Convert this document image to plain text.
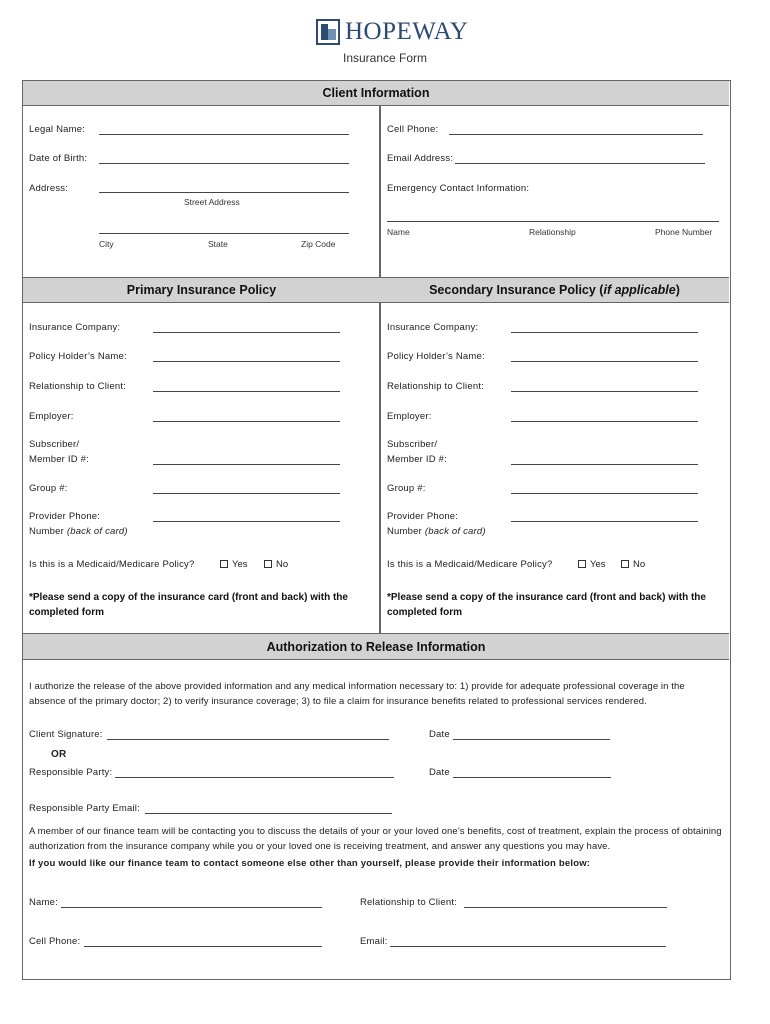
HOPEWAY
Insurance Form
Client Information
Legal Name:
Date of Birth:
Address:
Street Address
City	State	Zip Code
Cell Phone:
Email Address:
Emergency Contact Information:
Name	Relationship	Phone Number
Primary Insurance Policy	Secondary Insurance Policy ( if applicable )
Insurance Company:
Policy Holder’s Name:
Relationship to Client:
Employer:
Subscriber/
Member ID #:
Group #:
Provider Phone:
Number (back of card)
Is this is a Medicaid/Medicare Policy?	Yes	No
*Please send a copy of the insurance card (front and back) with the completed form
Insurance Company:
Policy Holder’s Name:
Relationship to Client:
Employer:
Subscriber/
Member ID #:
Group #:
Provider Phone:
Number (back of card)
Is this is a Medicaid/Medicare Policy?	Yes	No
*Please send a copy of the insurance card (front and back) with the completed form
Authorization to Release Information
I authorize the release of the above provided information and any medical information necessary to: 1) provide for adequate professional coverage in the absence of the primary doctor; 2) to verify insurance coverage; 3) to file a claim for insurance benefits related to professional services rendered.
Client Signature:	Date
OR
Responsible Party:	Date
Responsible Party Email:
A member of our finance team will be contacting you to discuss the details of your or your loved one’s benefits, cost of treatment, explain the process of obtaining authorization from the insurance company while you or your loved one is receiving treatment, and answer any questions you may have.
If you would like our finance team to contact someone else other than yourself, please provide their information below:
Name:	Relationship to Client:
Cell Phone:	Email:
